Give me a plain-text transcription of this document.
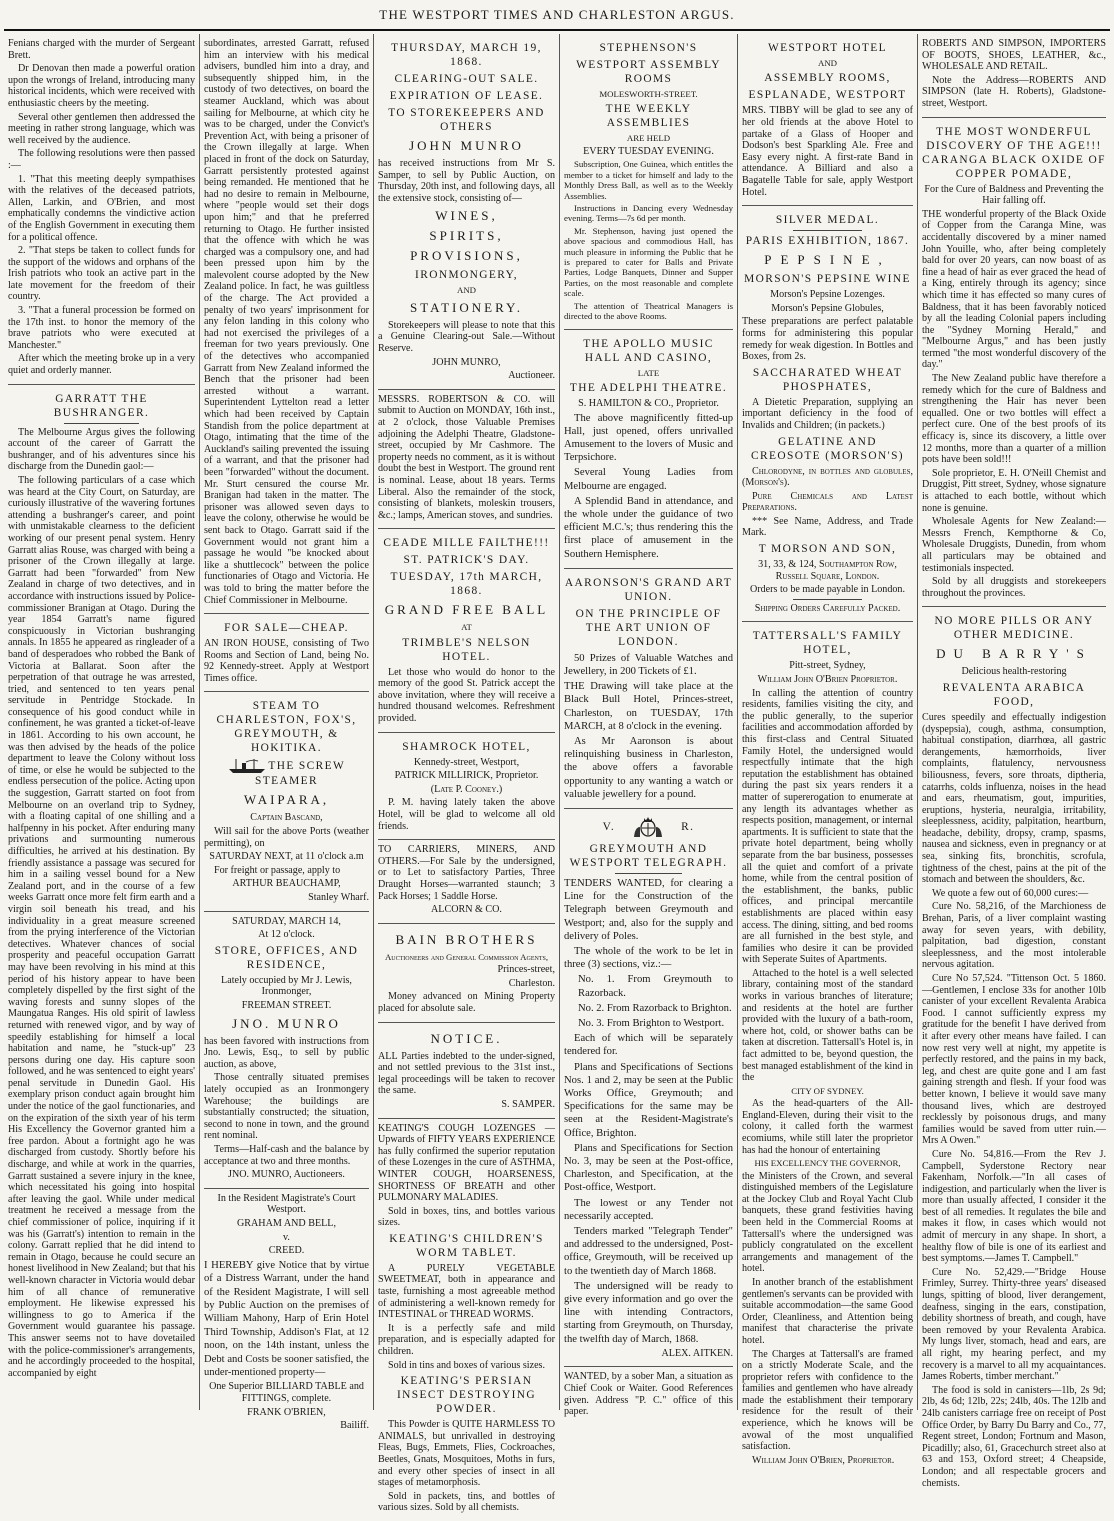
THE WESTPORT TIMES AND CHARLESTON ARGUS.

Fenians charged with the murder of Sergeant Brett.

Dr Denovan then made a powerful oration upon the wrongs of Ireland, introducing many historical incidents, which were received with enthusiastic cheers by the meeting.

Several other gentlemen then addressed the meeting in rather strong language, which was well received by the audience.

The following resolutions were then passed :—

1. "That this meeting deeply sympathises with the relatives of the deceased patriots, Allen, Larkin, and O'Brien, and most emphatically condemns the vindictive action of the English Government in executing them for a political offence.

2. "That steps be taken to collect funds for the support of the widows and orphans of the Irish patriots who took an active part in the late movement for the freedom of their country.

3. "That a funeral procession be formed on the 17th inst. to honor the memory of the brave patriots who were executed at Manchester."

After which the meeting broke up in a very quiet and orderly manner.

GARRATT THE BUSHRANGER.

The Melbourne Argus gives the following account of the career of Garratt the bushranger, and of his adventures since his discharge from the Dunedin gaol:—

The following particulars of a case which was heard at the City Court, on Saturday, are curiously illustrative of the wavering fortunes attending a bushranger's career, and point with unmistakable clearness to the deficient working of our present penal system. Henry Garratt alias Rouse, was charged with being a prisoner of the Crown illegally at large. Garratt had been "forwarded" from New Zealand in charge of two detectives, and in accordance with instructions issued by Police-commissioner Branigan at Otago. During the year 1854 Garratt's name figured conspicuously in Victorian bushranging annals. In 1855 he appeared as ringleader of a band of desperadoes who robbed the Bank of Victoria at Ballarat. Soon after the perpetration of that outrage he was arrested, tried, and sentenced to ten years penal servitude in Pentridge Stockade. In consequence of his good conduct while in confinement, he was granted a ticket-of-leave in 1861. According to his own account, he was then advised by the heads of the police department to leave the Colony without loss of time, or else he would be subjected to the endless persecution of the police. Acting upon the suggestion, Garratt started on foot from Melbourne on an overland trip to Sydney, with a floating capital of one shilling and a halfpenny in his pocket. After enduring many privations and surmounting numerous difficulties, he arrived at his destination. By friendly assistance a passage was secured for him in a sailing vessel bound for a New Zealand port, and in the course of a few weeks Garratt once more felt firm earth and a virgin soil beneath his tread, and his individuality in a great measure screened from the prying interference of the Victorian detectives. Whatever chances of social prosperity and peaceful occupation Garratt may have been revolving in his mind at this period of his history appear to have been completely dispelled by the first sight of the waving forests and sunny slopes of the Maungatua Ranges. His old spirit of lawless returned with renewed vigor, and by way of speedily establishing for himself a local habitation and name, he "stuck-up" 23 persons during one day. His capture soon followed, and he was sentenced to eight years' penal servitude in Dunedin Gaol. His exemplary prison conduct again brought him under the notice of the gaol functionaries, and on the expiration of the sixth year of his term His Excellency the Governor granted him a free pardon. About a fortnight ago he was discharged from custody. Shortly before his discharge, and while at work in the quarries, Garratt sustained a severe injury in the knee, which necessitated his going into hospital after leaving the gaol. While under medical treatment he received a message from the chief commissioner of police, inquiring if it was his (Garratt's) intention to remain in the colony. Garratt replied that he did intend to remain in Otago, because he could secure an honest livelihood in New Zealand; but that his well-known character in Victoria would debar him of all chance of remunerative employment. He likewise expressed his willingness to go to America if the Government would guarantee his passage. This answer seems not to have dovetailed with the police-commissioner's arrangements, and he accordingly proceeded to the hospital, accompanied by eight

subordinates, arrested Garratt, refused him an interview with his medical advisers, bundled him into a dray, and subsequently shipped him, in the custody of two detectives, on board the steamer Auckland, which was about sailing for Melbourne, at which city he was to be charged, under the Convict's Prevention Act, with being a prisoner of the Crown illegally at large. When placed in front of the dock on Saturday, Garratt persistently protested against being remanded. He mentioned that he had no desire to remain in Melbourne, where "people would set their dogs upon him;" and that he preferred returning to Otago. He further insisted that the offence with which he was charged was a compulsory one, and had been pressed upon him by the malevolent course adopted by the New Zealand police. In fact, he was guiltless of the charge. The Act provided a penalty of two years' imprisonment for any felon landing in this colony who had not exercised the privileges of a freeman for two years previously. One of the detectives who accompanied Garratt from New Zealand informed the Bench that the prisoner had been arrested without a warrant. Superintendent Lyttelton read a letter which had been received by Captain Standish from the police department at Otago, intimating that the time of the Auckland's sailing prevented the issuing of a warrant, and that the prisoner had been "forwarded" without the document. Mr. Sturt censured the course Mr. Branigan had taken in the matter. The prisoner was allowed seven days to leave the colony, otherwise he would be sent back to Otago. Garratt said if the Government would not grant him a passage he would "be knocked about like a shuttlecock" between the police functionaries of Otago and Victoria. He was told to bring the matter before the Chief Commissioner in Melbourne.

FOR SALE—CHEAP.

AN IRON HOUSE, consisting of Two Rooms and Section of Land, being No. 92 Kennedy-street. Apply at Westport Times office.

STEAM TO CHARLESTON, FOX'S, GREYMOUTH, & HOKITIKA.
THE SCREW STEAMER
WAIPARA,

Captain Bascand,

Will sail for the above Ports (weather permitting), on

SATURDAY NEXT, at 11 o'clock a.m

For freight or passage, apply to

ARTHUR BEAUCHAMP,

Stanley Wharf.

SATURDAY, MARCH 14,

At 12 o'clock.

STORE, OFFICES, AND RESIDENCE,

Lately occupied by Mr J. Lewis, Ironmonger,

FREEMAN STREET.

JNO. MUNRO

has been favored with instructions from Jno. Lewis, Esq., to sell by public auction, as above,

Those centrally situated premises lately occupied as an Ironmongery Warehouse; the buildings are substantially constructed; the situation, second to none in town, and the ground rent nominal.

Terms—Half-cash and the balance by acceptance at two and three months.

JNO. MUNRO, Auctioneers.

In the Resident Magistrate's Court Westport.

GRAHAM AND BELL,

v.

CREED.

I HEREBY give Notice that by virtue of a Distress Warrant, under the hand of the Resident Magistrate, I will sell by Public Auction on the premises of William Mahony, Harp of Erin Hotel Third Township, Addison's Flat, at 12 noon, on the 14th instant, unless the Debt and Costs be sooner satisfied, the under-mentioned property—

One Superior BILLIARD TABLE and FITTINGS, complete.

FRANK O'BRIEN,

Bailiff.

THURSDAY, MARCH 19, 1868.
CLEARING-OUT SALE.
EXPIRATION OF LEASE.
TO STOREKEEPERS AND OTHERS
JOHN MUNRO

has received instructions from Mr S. Samper, to sell by Public Auction, on Thursday, 20th inst, and following days, all the extensive stock, consisting of—

WINES,
SPIRITS,
PROVISIONS,
IRONMONGERY,
AND
STATIONERY.

Storekeepers will please to note that this a Genuine Clearing-out Sale.—Without Reserve.

JOHN MUNRO,

Auctioneer.

MESSRS. ROBERTSON & CO. will submit to Auction on MONDAY, 16th inst., at 2 o'clock, those Valuable Premises adjoining the Adelphi Theatre, Gladstone-street, occupied by Mr Cashmore. The property needs no comment, as it is without doubt the best in Westport. The ground rent is nominal. Lease, about 18 years. Terms Liberal. Also the remainder of the stock, consisting of blankets, moleskin trousers, &c.; lamps, American stoves, and sundries.

CEADE MILLE FAILTHE!!!
ST. PATRICK'S DAY.
TUESDAY, 17th MARCH, 1868.
GRAND FREE BALL

AT

TRIMBLE'S NELSON HOTEL.

Let those who would do honor to the memory of the good St. Patrick accept the above invitation, where they will receive a hundred thousand welcomes. Refreshment provided.

SHAMROCK HOTEL,

Kennedy-street, Westport,

PATRICK MILLIRICK, Proprietor.

(Late P. Cooney.)

P. M. having lately taken the above Hotel, will be glad to welcome all old friends.

TO CARRIERS, MINERS, AND OTHERS.—For Sale by the undersigned, or to Let to satisfactory Parties, Three Draught Horses—warranted staunch; 3 Pack Horses; 1 Saddle Horse.

ALCORN & CO.

BAIN BROTHERS

Auctioneers and General Commission Agents,

Princes-street,

Charleston.

Money advanced on Mining Property placed for absolute sale.

NOTICE.

ALL Parties indebted to the under-signed, and not settled previous to the 31st inst., legal proceedings will be taken to recover the same.

S. SAMPER.

KEATING'S COUGH LOZENGES —Upwards of FIFTY YEARS EXPERIENCE has fully confirmed the superior reputation of these Lozenges in the cure of ASTHMA, WINTER COUGH, HOARSENESS, SHORTNESS OF BREATH and other PULMONARY MALADIES.

Sold in boxes, tins, and bottles various sizes.

KEATING'S CHILDREN'S WORM TABLET.

A PURELY VEGETABLE SWEETMEAT, both in appearance and taste, furnishing a most agreeable method of administering a well-known remedy for INTESTINAL or THREAD WORMS.

It is a perfectly safe and mild preparation, and is especially adapted for children.

Sold in tins and boxes of various sizes.

KEATING'S PERSIAN INSECT DESTROYING POWDER.

This Powder is QUITE HARMLESS TO ANIMALS, but unrivalled in destroying Fleas, Bugs, Emmets, Flies, Cockroaches, Beetles, Gnats, Mosquitoes, Moths in furs, and every other species of insect in all stages of metamorphosis.

Sold in packets, tins, and bottles of various sizes. Sold by all chemists.

STEPHENSON'S
WESTPORT ASSEMBLY ROOMS

MOLESWORTH-STREET.

THE WEEKLY ASSEMBLIES

ARE HELD

EVERY TUESDAY EVENING.

Subscription, One Guinea, which entitles the member to a ticket for himself and lady to the Monthly Dress Ball, as well as to the Weekly Assemblies.

Instructions in Dancing every Wednesday evening. Terms—7s 6d per month.

Mr. Stephenson, having just opened the above spacious and commodious Hall, has much pleasure in informing the Public that he is prepared to cater for Balls and Private Parties, Lodge Banquets, Dinner and Supper Parties, on the most reasonable and complete scale.

The attention of Theatrical Managers is directed to the above Rooms.

THE APOLLO MUSIC HALL AND CASINO,

LATE

THE ADELPHI THEATRE.

S. HAMILTON & CO., Proprietor.

The above magnificently fitted-up Hall, just opened, offers unrivalled Amusement to the lovers of Music and Terpsichore.

Several Young Ladies from Melbourne are engaged.

A Splendid Band in attendance, and the whole under the guidance of two efficient M.C.'s; thus rendering this the first place of amusement in the Southern Hemisphere.

AARONSON'S GRAND ART UNION.
ON THE PRINCIPLE OF THE ART UNION OF LONDON.

50 Prizes of Valuable Watches and Jewellery, in 200 Tickets of £1.

THE Drawing will take place at the Black Bull Hotel, Princes-street, Charleston, on TUESDAY, 17th MARCH, at 8 o'clock in the evening.

As Mr Aaronson is about relinquishing business in Charleston, the above offers a favorable opportunity to any wanting a watch or valuable jewellery for a pound.

V.	R.
GREYMOUTH AND WESTPORT TELEGRAPH.

TENDERS WANTED, for clearing a Line for the Construction of the Telegraph between Greymouth and Westport; and, also for the supply and delivery of Poles.

The whole of the work to be let in three (3) sections, viz.:—

No. 1. From Greymouth to Razorback.

No. 2. From Razorback to Brighton.

No. 3. From Brighton to Westport.

Each of which will be separately tendered for.

Plans and Specifications of Sections Nos. 1 and 2, may be seen at the Public Works Office, Greymouth; and Specifications for the same may be seen at the Resident-Magistrate's Office, Brighton.

Plans and Specifications for Section No. 3, may be seen at the Post-office, Charleston, and Specification, at the Post-office, Westport.

The lowest or any Tender not necessarily accepted.

Tenders marked "Telegraph Tender" and addressed to the undersigned, Post-office, Greymouth, will be received up to the twentieth day of March 1868.

The undersigned will be ready to give every information and go over the line with intending Contractors, starting from Greymouth, on Thursday, the twelfth day of March, 1868.

ALEX. AITKEN.

WANTED, by a sober Man, a situation as Chief Cook or Waiter. Good References given. Address "P. C." office of this paper.

WESTPORT HOTEL

AND

ASSEMBLY ROOMS,
ESPLANADE, WESTPORT

MRS. TIBBY will be glad to see any of her old friends at the above Hotel to partake of a Glass of Hooper and Dodson's best Sparkling Ale. Free and Easy every night. A first-rate Band in attendance. A Billiard and also a Bagatelle Table for sale, apply Westport Hotel.

SILVER MEDAL.
PARIS EXHIBITION, 1867.
PEPSINE,
MORSON'S PEPSINE WINE

Morson's Pepsine Lozenges.

Morson's Pepsine Globules,

These preparations are perfect palatable forms for administering this popular remedy for weak digestion. In Bottles and Boxes, from 2s.

SACCHARATED WHEAT PHOSPHATES,

A Dietetic Preparation, supplying an important deficiency in the food of Invalids and Children; (in packets.)

GELATINE AND CREOSOTE (MORSON'S)

Chlorodyne, in bottles and globules, (Morson's).

Pure Chemicals and Latest Preparations.

*** See Name, Address, and Trade Mark.

T MORSON AND SON,

31, 33, & 124, Southampton Row, Russell Square, London.

Orders to be made payable in London.

Shipping Orders Carefully Packed.

TATTERSALL'S FAMILY HOTEL,

Pitt-street, Sydney,

William John O'Brien Proprietor.

In calling the attention of country residents, families visiting the city, and the public generally, to the superior facilities and accommodation afforded by this first-class and Central Situated Family Hotel, the undersigned would respectfully intimate that the high reputation the establishment has obtained during the past six years renders it a matter of supererogation to enumerate at any length its advantages whether as respects position, management, or internal apartments. It is sufficient to state that the private hotel department, being wholly separate from the bar business, possesses all the quiet and comfort of a private home, while from the central position of the establishment, the banks, public offices, and principal mercantile establishments are placed within easy access. The dining, sitting, and bed rooms are all furnished in the best style, and families who desire it can be provided with Seperate Suites of Apartments.

Attached to the hotel is a well selected library, containing most of the standard works in various branches of literature; and residents at the hotel are further provided with the luxury of a bath-room, where hot, cold, or shower baths can be taken at discretion. Tattersall's Hotel is, in fact admitted to be, beyond question, the best managed establishment of the kind in the

CITY OF SYDNEY.

As the head-quarters of the All-England-Eleven, during their visit to the colony, it called forth the warmest ecomiums, while still later the proprietor has had the honour of entertaining

HIS EXCELLENCY THE GOVERNOR,

the Ministers of the Crown, and several distinguished members of the Legislature at the Jockey Club and Royal Yacht Club banquets, these grand festivities having been held in the Commercial Rooms at Tattersall's where the undersigned was publicly congratulated on the excellent arrangements and management of the hotel.

In another branch of the establishment gentlemen's servants can be provided with suitable accommodation—the same Good Order, Cleanliness, and Attention being manifest that characterise the private hotel.

The Charges at Tattersall's are framed on a strictly Moderate Scale, and the proprietor refers with confidence to the families and gentlemen who have already made the establishment their temporary residence for the result of their experience, which he knows will be avowal of the most unqualified satisfaction.

William John O'Brien, Proprietor.

ROBERTS AND SIMPSON, IMPORTERS OF BOOTS, SHOES, LEATHER, &c., WHOLESALE AND RETAIL.

Note the Address—ROBERTS AND SIMPSON (late H. Roberts), Gladstone-street, Westport.

THE MOST WONDERFUL DISCOVERY OF THE AGE!!! CARANGA BLACK OXIDE OF COPPER POMADE,

For the Cure of Baldness and Preventing the Hair falling off.

THE wonderful property of the Black Oxide of Copper from the Caranga Mine, was accidentally discovered by a miner named John Youille, who, after being completely bald for over 20 years, can now boast of as fine a head of hair as ever graced the head of a King, entirely through its agency; since which time it has effected so many cures of Baldness, that it has been favorably noticed by all the leading Colonial papers including the "Sydney Morning Herald," and "Melbourne Argus," and has been justly termed "the most wonderful discovery of the day."

The New Zealand public have therefore a remedy which for the cure of Baldness and strengthening the Hair has never been equalled. One or two bottles will effect a perfect cure. One of the best proofs of its efficacy is, since its discovery, a little over 12 months, more than a quarter of a million pots have been sold!!!

Sole proprietor, E. H. O'Neill Chemist and Druggist, Pitt street, Sydney, whose signature is attached to each bottle, without which none is genuine.

Wholesale Agents for New Zealand:—Messrs French, Kempthorne & Co, Wholesale Druggists, Dunedin, from whom all particulars may be obtained and testimonials inspected.

Sold by all druggists and storekeepers throughout the provinces.

NO MORE PILLS OR ANY OTHER MEDICINE.
DU BARRY'S

Delicious health-restoring

REVALENTA ARABICA FOOD,

Cures speedily and effectually indigestion (dyspepsia), cough, asthma, consumption, habitual constipation, diarrhœa, all gastric derangements, hæmorrhoids, liver complaints, flatulency, nervousness biliousness, fevers, sore throats, diptheria, catarrhs, colds influenza, noises in the head and ears, rheumatism, gout, impurities, eruptions, hysteria, neuralgia, irritability, sleeplessness, acidity, palpitation, heartburn, headache, debility, dropsy, cramp, spasms, nausea and sickness, even in pregnancy or at sea, sinking fits, bronchitis, scrofula, tightness of the chest, pains at the pit of the stomach and between the shoulders, &c.

We quote a few out of 60,000 cures:—

Cure No. 58,216, of the Marchioness de Brehan, Paris, of a liver complaint wasting away for seven years, with debility, palpitation, bad digestion, constant sleeplessness, and the most intolerable nervous agitation.

Cure No 57,524. "Tittenson Oct. 5 1860.—Gentlemen, I enclose 33s for another 10lb canister of your excellent Revalenta Arabica Food. I cannot sufficiently express my gratitude for the benefit I have derived from it after every other means have failed. I can now rest very well at night, my appetite is perfectly restored, and the pains in my back, leg, and chest are quite gone and I am fast gaining strength and flesh. If your food was better known, I believe it would save many thousand lives, which are destroyed recklessly by poisonous drugs, and many families would be saved from utter ruin.—Mrs A Owen."

Cure No. 54,816.—From the Rev J. Campbell, Syderstone Rectory near Fakenham, Norfolk.—"In all cases of indigestion, and particularly when the liver is more than usually affected, I consider it the best of all remedies. It regulates the bile and makes it flow, in cases which would not admit of mercury in any shape. In short, a healthy flow of bile is one of its earliest and best symptoms.—James T. Campbell."

Cure No. 52,429.—"Bridge House Frimley, Surrey. Thirty-three years' diseased lungs, spitting of blood, liver derangement, deafness, singing in the ears, constipation, debility shortness of breath, and cough, have been removed by your Revalenta Arabica. My lungs liver, stomach, head and ears, are all right, my hearing perfect, and my recovery is a marvel to all my acquaintances. James Roberts, timber merchant."

The food is sold in canisters—1lb, 2s 9d; 2lb, 4s 6d; 12lb, 22s; 24lb, 40s. The 12lb and 24lb canisters carriage free on receipt of Post Office Order, by Barry Du Barry and Co., 77, Regent street, London; Fortnum and Mason, Picadilly; also, 61, Gracechurch street also at 63 and 153, Oxford street; 4 Cheapside, London; and all respectable grocers and chemists.
